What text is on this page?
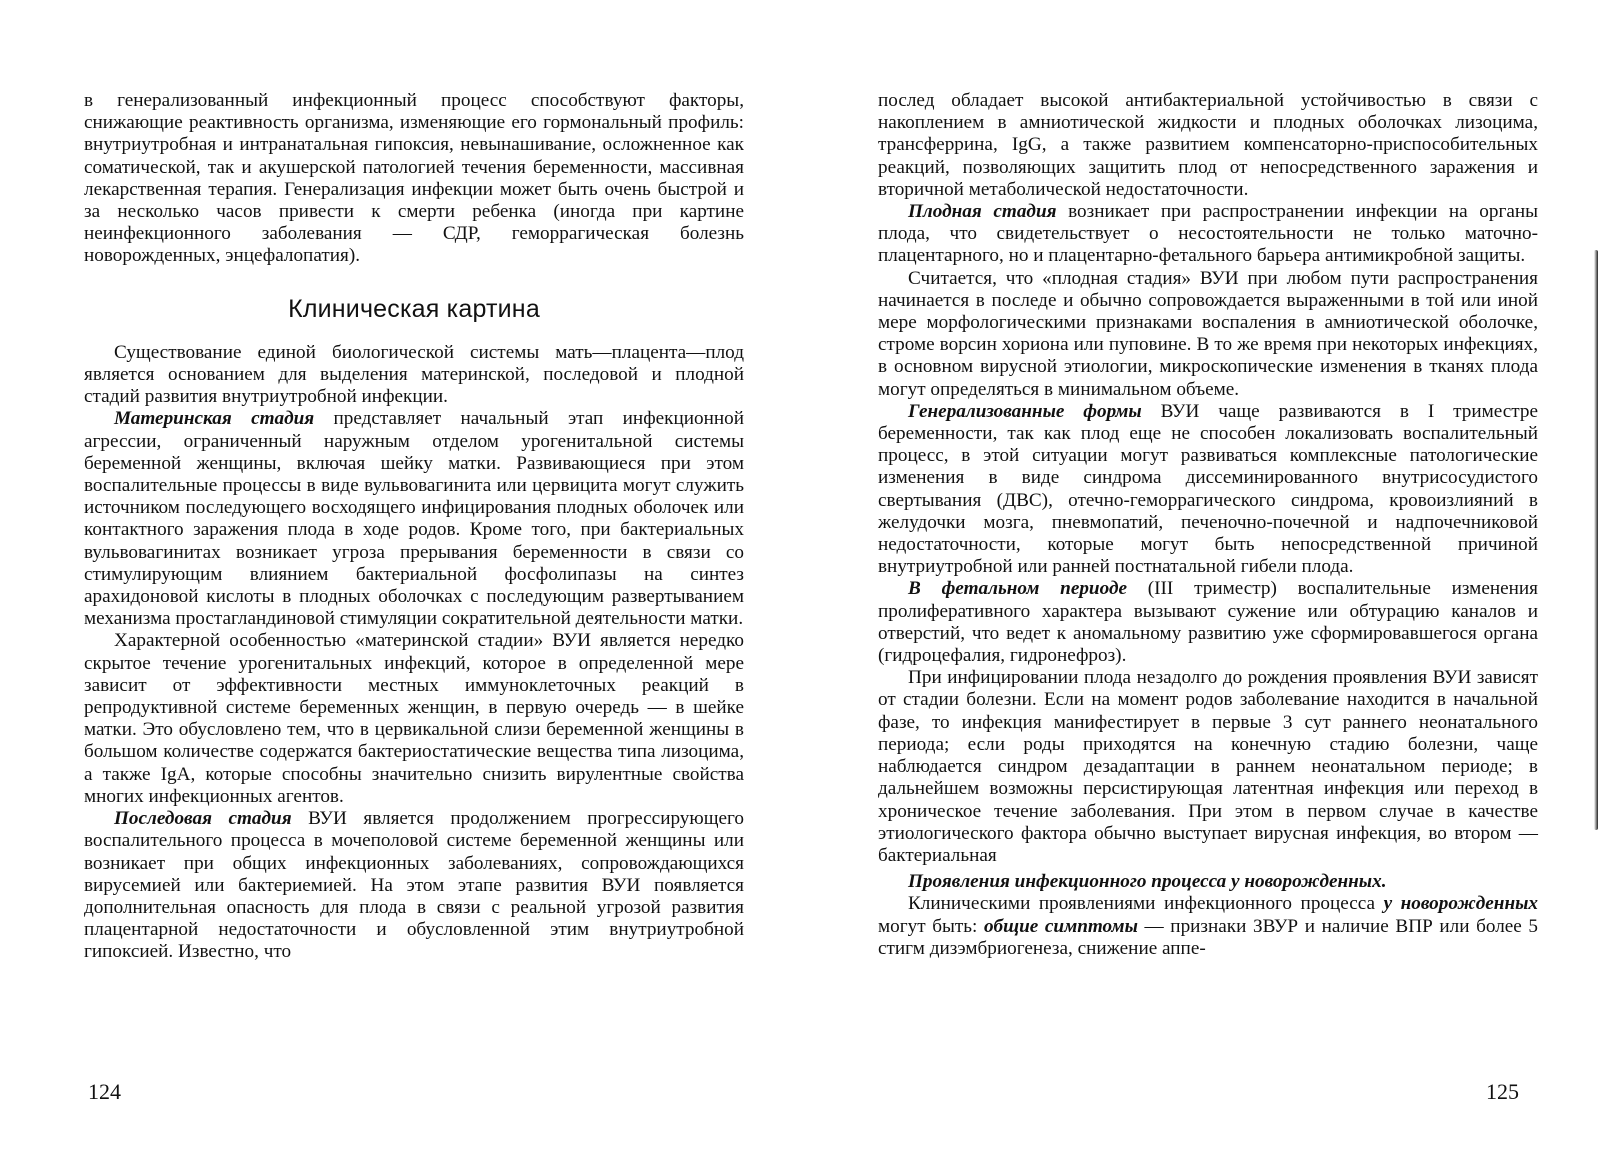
в генерализованный инфекционный процесс способствуют факторы, снижающие реактивность организма, изменяющие его гормональный профиль: внутриутробная и интранатальная гипоксия, невынашивание, осложненное как соматической, так и акушерской патологией течения беременности, массивная лекарственная терапия. Генерализация инфекции может быть очень быстрой и за несколько часов привести к смерти ребенка (иногда при картине неинфекционного заболевания — СДР, геморрагическая болезнь новорожденных, энцефалопатия).

Клиническая картина

Существование единой биологической системы мать—плацента—плод является основанием для выделения материнской, последовой и плодной стадий развития внутриутробной инфекции.

Материнская стадия представляет начальный этап инфекционной агрессии, ограниченный наружным отделом урогенитальной системы беременной женщины, включая шейку матки. Развивающиеся при этом воспалительные процессы в виде вульвовагинита или цервицита могут служить источником последующего восходящего инфицирования плодных оболочек или контактного заражения плода в ходе родов. Кроме того, при бактериальных вульвовагинитах возникает угроза прерывания беременности в связи со стимулирующим влиянием бактериальной фосфолипазы на синтез арахидоновой кислоты в плодных оболочках с последующим развертыванием механизма простагландиновой стимуляции сократительной деятельности матки.

Характерной особенностью «материнской стадии» ВУИ является нередко скрытое течение урогенитальных инфекций, которое в определенной мере зависит от эффективности местных иммуноклеточных реакций в репродуктивной системе беременных женщин, в первую очередь — в шейке матки. Это обусловлено тем, что в цервикальной слизи беременной женщины в большом количестве содержатся бактериостатические вещества типа лизоцима, а также IgA, которые способны значительно снизить вирулентные свойства многих инфекционных агентов.

Последовая стадия ВУИ является продолжением прогрессирующего воспалительного процесса в мочеполовой системе беременной женщины или возникает при общих инфекционных заболеваниях, сопровождающихся вирусемией или бактериемией. На этом этапе развития ВУИ появляется дополнительная опасность для плода в связи с реальной угрозой развития плацентарной недостаточности и обусловленной этим внутриутробной гипоксией. Известно, что

124

послед обладает высокой антибактериальной устойчивостью в связи с накоплением в амниотической жидкости и плодных оболочках лизоцима, трансферрина, IgG, а также развитием компенсаторно-приспособительных реакций, позволяющих защитить плод от непосредственного заражения и вторичной метаболической недостаточности.

Плодная стадия возникает при распространении инфекции на органы плода, что свидетельствует о несостоятельности не только маточно-плацентарного, но и плацентарно-фетального барьера антимикробной защиты.

Считается, что «плодная стадия» ВУИ при любом пути распространения начинается в последе и обычно сопровождается выраженными в той или иной мере морфологическими признаками воспаления в амниотической оболочке, строме ворсин хориона или пуповине. В то же время при некоторых инфекциях, в основном вирусной этиологии, микроскопические изменения в тканях плода могут определяться в минимальном объеме.

Генерализованные формы ВУИ чаще развиваются в I триместре беременности, так как плод еще не способен локализовать воспалительный процесс, в этой ситуации могут развиваться комплексные патологические изменения в виде синдрома диссеминированного внутрисосудистого свертывания (ДВС), отечно-геморрагического синдрома, кровоизлияний в желудочки мозга, пневмопатий, печеночно-почечной и надпочечниковой недостаточности, которые могут быть непосредственной причиной внутриутробной или ранней постнатальной гибели плода.

В фетальном периоде (III триместр) воспалительные изменения пролиферативного характера вызывают сужение или обтурацию каналов и отверстий, что ведет к аномальному развитию уже сформировавшегося органа (гидроцефалия, гидронефроз).

При инфицировании плода незадолго до рождения проявления ВУИ зависят от стадии болезни. Если на момент родов заболевание находится в начальной фазе, то инфекция манифестирует в первые 3 сут раннего неонатального периода; если роды приходятся на конечную стадию болезни, чаще наблюдается синдром дезадаптации в раннем неонатальном периоде; в дальнейшем возможны персистирующая латентная инфекция или переход в хроническое течение заболевания. При этом в первом случае в качестве этиологического фактора обычно выступает вирусная инфекция, во втором — бактериальная

Проявления инфекционного процесса у новорожденных.

Клиническими проявлениями инфекционного процесса у новорожденных могут быть: общие симптомы — признаки ЗВУР и наличие ВПР или более 5 стигм дизэмбриогенеза, снижение аппе-

125
